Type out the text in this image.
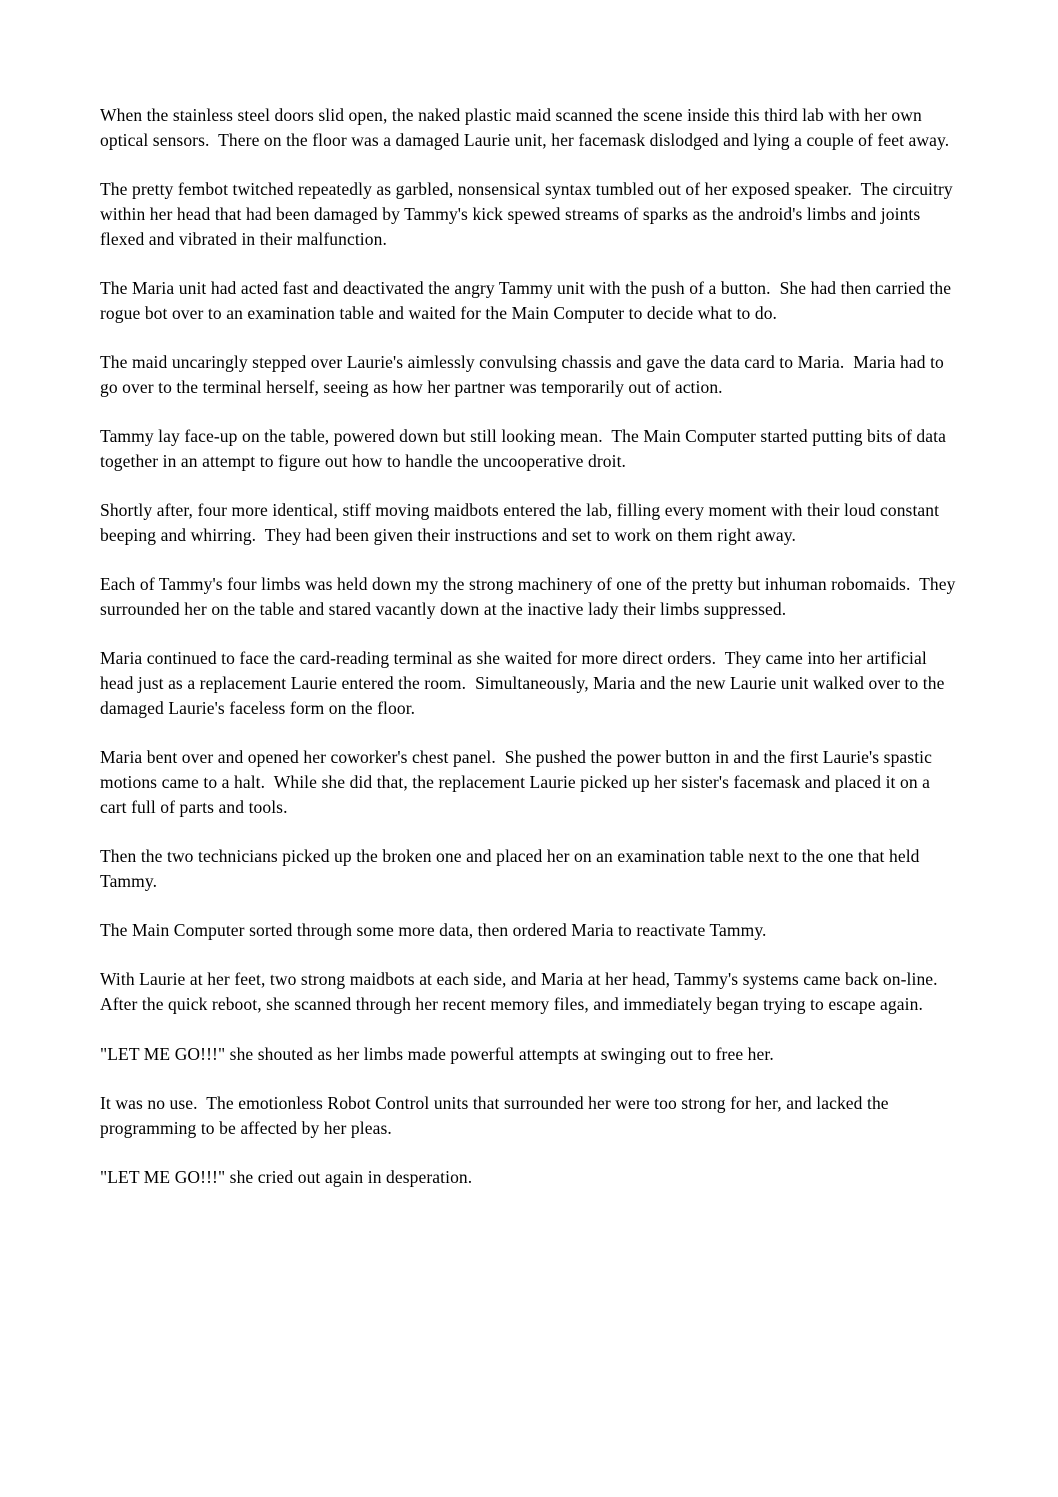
When the stainless steel doors slid open, the naked plastic maid scanned the scene inside this third lab with her own optical sensors.  There on the floor was a damaged Laurie unit, her facemask dislodged and lying a couple of feet away.

The pretty fembot twitched repeatedly as garbled, nonsensical syntax tumbled out of her exposed speaker.  The circuitry within her head that had been damaged by Tammy's kick spewed streams of sparks as the android's limbs and joints flexed and vibrated in their malfunction.

The Maria unit had acted fast and deactivated the angry Tammy unit with the push of a button.  She had then carried the rogue bot over to an examination table and waited for the Main Computer to decide what to do.

The maid uncaringly stepped over Laurie's aimlessly convulsing chassis and gave the data card to Maria.  Maria had to go over to the terminal herself, seeing as how her partner was temporarily out of action.

Tammy lay face-up on the table, powered down but still looking mean.  The Main Computer started putting bits of data together in an attempt to figure out how to handle the uncooperative droit.

Shortly after, four more identical, stiff moving maidbots entered the lab, filling every moment with their loud constant beeping and whirring.  They had been given their instructions and set to work on them right away.

Each of Tammy's four limbs was held down my the strong machinery of one of the pretty but inhuman robomaids.  They surrounded her on the table and stared vacantly down at the inactive lady their limbs suppressed.

Maria continued to face the card-reading terminal as she waited for more direct orders.  They came into her artificial head just as a replacement Laurie entered the room.  Simultaneously, Maria and the new Laurie unit walked over to the damaged Laurie's faceless form on the floor.

Maria bent over and opened her coworker's chest panel.  She pushed the power button in and the first Laurie's spastic motions came to a halt.  While she did that, the replacement Laurie picked up her sister's facemask and placed it on a cart full of parts and tools.

Then the two technicians picked up the broken one and placed her on an examination table next to the one that held Tammy.

The Main Computer sorted through some more data, then ordered Maria to reactivate Tammy.

With Laurie at her feet, two strong maidbots at each side, and Maria at her head, Tammy's systems came back on-line.  After the quick reboot, she scanned through her recent memory files, and immediately began trying to escape again.

"LET ME GO!!!" she shouted as her limbs made powerful attempts at swinging out to free her.

It was no use.  The emotionless Robot Control units that surrounded her were too strong for her, and lacked the programming to be affected by her pleas.

"LET ME GO!!!" she cried out again in desperation.
